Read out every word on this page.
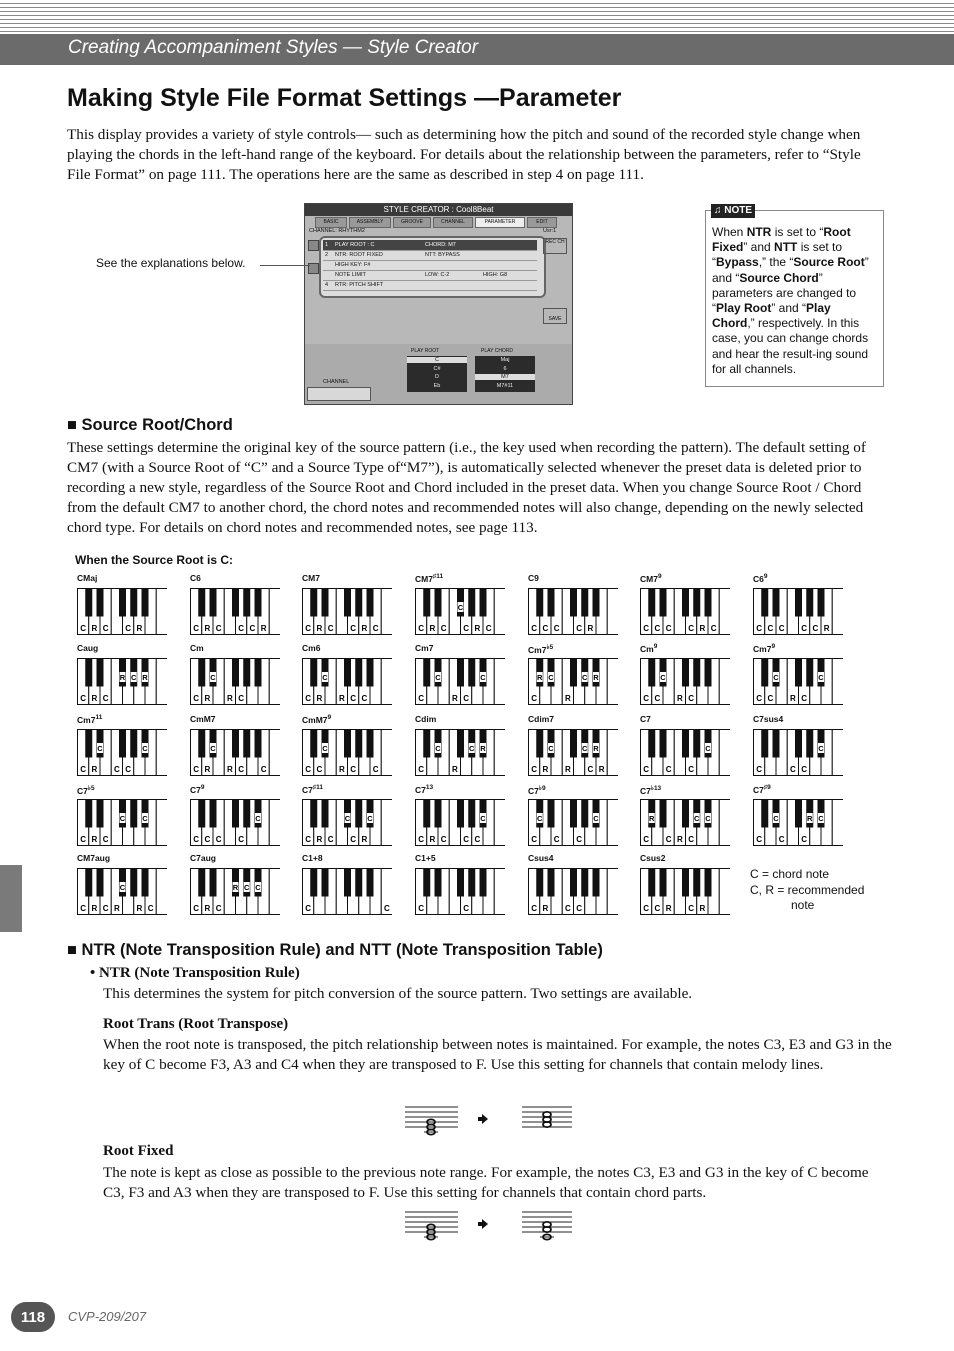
Creating Accompaniment Styles — Style Creator
Making Style File Format Settings —Parameter
This display provides a variety of style controls— such as determining how the pitch and sound of the recorded style change when playing the chords in the left-hand range of the keyboard. For details about the relationship between the parameters, refer to “Style File Format” on page 111. The operations here are the same as described in step 4 on page 111.
STYLE CREATOR : Cool8Beat
BASIC	ASSEMBLY	GROOVE	CHANNEL	PARAMETER	EDIT
CHANNEL: RHYTHM2	Usr:1
REC CH
SAVE
CHANNEL
PLAY ROOT	PLAY CHORD
1 PLAY ROOT : C	CHORD: M7
2 NTR: ROOT FIXED	NTT: BYPASS
HIGH KEY: F#
NOTE LIMIT	LOW: C-2	HIGH: G8
4 RTR: PITCH SHIFT
C
C#
D
Eb
Maj
6
M7
M7#11
See the explanations below.
♫ NOTE
When NTR is set to “Root Fixed” and NTT is set to “Bypass,” the “Source Root” and “Source Chord” parameters are changed to “Play Root” and “Play Chord,” respectively. In this case, you can change chords and hear the result-ing sound for all channels.
■ Source Root/Chord
These settings determine the original key of the source pattern (i.e., the key used when recording the pattern). The default setting of CM7 (with a Source Root of “C” and a Source Type of“M7”), is automatically selected whenever the preset data is deleted prior to recording a new style, regardless of the Source Root and Chord included in the preset data. When you change Source Root / Chord from the default CM7 to another chord, the chord notes and recommended notes will also change, depending on the newly selected chord type. For details on chord notes and recommended notes, see page 113.
When the Source Root is C:
CMaj
C R C C R
C6
C R C C C R
CM7
C R C C R C
$CM7^{♯11}$
C R C C R C
C
C9
C C C C R
$CM7^9$
C C C C R C
$C6^9$
C C C C C R
Caug
C R C
R C R
Cm
C R R C
C
Cm6
C R R C C
C
Cm7
C	R C
C	C
$Cm7^{♭5}$
C	R
R C	C R
Cm$^9$
C C R C
C
$Cm7^9$
C C R C
C	C
$Cm7^{11}$
C R C C
C	C
CmM7
C R R C C
C
$CmM7^9$
C C R C C
C
Cdim
C	R
C	C R
Cdim7
C R R C R
C	C R
C7
C C C
C
C7sus4
C	C C
C
$C7^{♭5}$
C R C
C C
$C7^9$
C C C C
C
$C7^{♯11}$
C R C C R
C C
$C7^{13}$
C R C C C
C
$C7^{♭9}$
C C C
C	C
$C7^{♭13}$
C C R C
R	C C
$C7^{♯9}$
C C C
C	R C
CM7aug
C R C R R C
C
C7aug
C R C
R C C
C1+8
C	C
C1+5
C	C
Csus4
C R C C
Csus2
C C R C R
C = chord note
C, R = recommended
note
■ NTR (Note Transposition Rule) and NTT (Note Transposition Table)
• NTR (Note Transposition Rule)
This determines the system for pitch conversion of the source pattern. Two settings are available.
Root Trans (Root Transpose)
When the root note is transposed, the pitch relationship between notes is maintained. For example, the notes C3, E3 and G3 in the key of C become F3, A3 and C4 when they are transposed to F. Use this setting for channels that contain melody lines.
Root Fixed
The note is kept as close as possible to the previous note range. For example, the notes C3, E3 and G3 in the key of C become C3, F3 and A3 when they are transposed to F. Use this setting for channels that contain chord parts.
118	CVP-209/207
